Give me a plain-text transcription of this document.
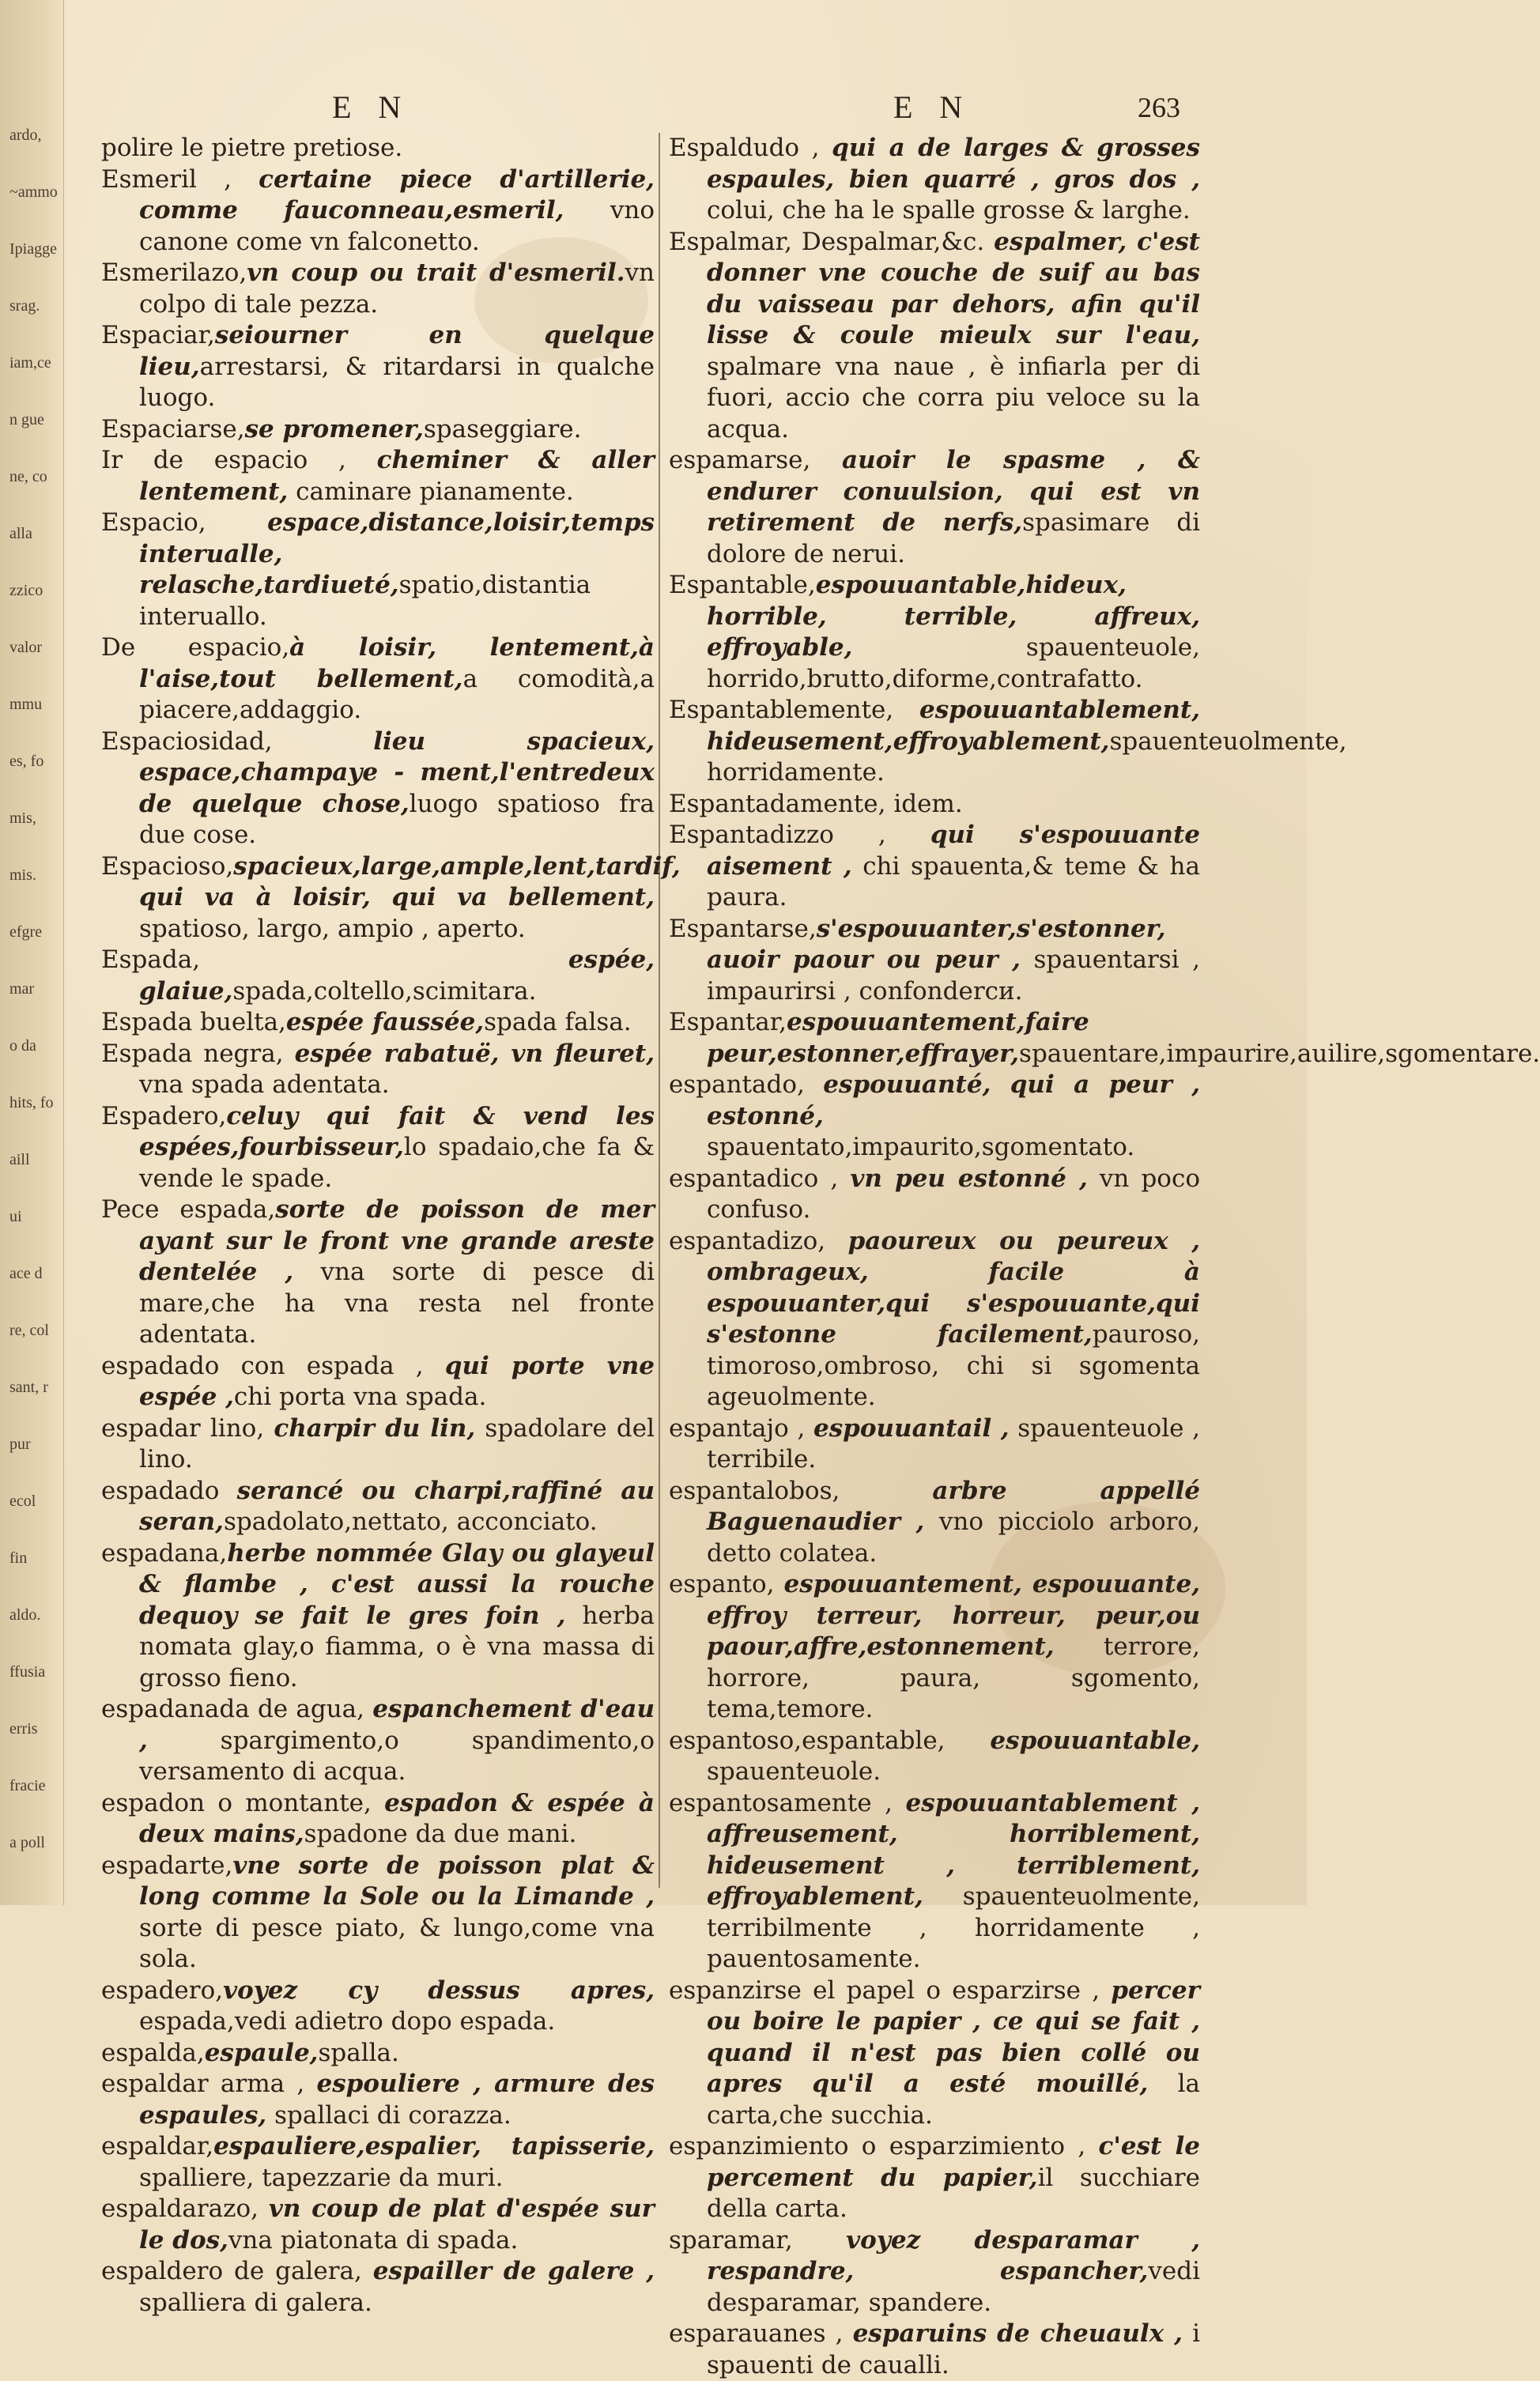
ardo,
~ammo
Ipiagge
srag.
iam,ce
n gue
ne, co
alla
zzico
valor
mmu
es, fo
mis,
mis.
efgre
mar
o da
hits, fo
aill
ui
ace d
re, col
sant, r
pur
ecol
fin
aldo.
ffusia
erris
fracie
a poll
E N	E N	263

polire le pietre pretiose.

Esmeril , certaine piece d'artillerie, comme fauconneau,esmeril, vno canone come vn falconetto.

Esmerilazo,vn coup ou trait d'esmeril.vn colpo di tale pezza.

Espaciar,seiourner en quelque lieu,arrestarsi, & ritardarsi in qualche luogo.

Espaciarse,se promener,spaseggiare.

Ir de espacio , cheminer & aller lentement, caminare pianamente.

Espacio, espace,distance,loisir,temps interualle, relasche,tardiueté,spatio,distantia interuallo.

De espacio,à loisir, lentement,à l'aise,tout bellement,a comodità,a piacere,addaggio.

Espaciosidad, lieu spacieux, espace,champaye - ment,l'entredeux de quelque chose,luogo spatioso fra due cose.

Espacioso,spacieux,large,ample,lent,tardif, qui va à loisir, qui va bellement, spatioso, largo, ampio , aperto.

Espada, espée, glaiue,spada,coltello,scimitara.

Espada buelta,espée faussée,spada falsa.

Espada negra, espée rabatuë, vn fleuret, vna spada adentata.

Espadero,celuy qui fait & vend les espées,fourbisseur,lo spadaio,che fa & vende le spade.

Pece espada,sorte de poisson de mer ayant sur le front vne grande areste dentelée , vna sorte di pesce di mare,che ha vna resta nel fronte adentata.

espadado con espada , qui porte vne espée ,chi porta vna spada.

espadar lino, charpir du lin, spadolare del lino.

espadado serancé ou charpi,raffiné au seran,spadolato,nettato, acconciato.

espadana,herbe nommée Glay ou glayeul & flambe , c'est aussi la rouche dequoy se fait le gres foin , herba nomata glay,o fiamma, o è vna massa di grosso fieno.

espadanada de agua, espanchement d'eau , spargimento,o spandimento,o versamento di acqua.

espadon o montante, espadon & espée à deux mains,spadone da due mani.

espadarte,vne sorte de poisson plat & long comme la Sole ou la Limande , sorte di pesce piato, & lungo,come vna sola.

espadero,voyez cy dessus apres, espada,vedi adietro dopo espada.

espalda,espaule,spalla.

espaldar arma , espouliere , armure des espaules, spallaci di corazza.

espaldar,espauliere,espalier, tapisserie, spalliere, tapezzarie da muri.

espaldarazo, vn coup de plat d'espée sur le dos,vna piatonata di spada.

espaldero de galera, espailler de galere , spalliera di galera.

Espaldudo , qui a de larges & grosses espaules, bien quarré , gros dos , colui, che ha le spalle grosse & larghe.

Espalmar, Despalmar,&c. espalmer, c'est donner vne couche de suif au bas du vaisseau par dehors, afin qu'il lisse & coule mieulx sur l'eau, spalmare vna naue , è infiarla per di fuori, accio che corra piu veloce su la acqua.

espamarse, auoir le spasme , & endurer conuulsion, qui est vn retirement de nerfs,spasimare di dolore de nerui.

Espantable,espouuantable,hideux, horrible, terrible, affreux, effroyable, spauenteuole, horrido,brutto,diforme,contrafatto.

Espantablemente, espouuantablement, hideusement,effroyablement,spauenteuolmente, horridamente.

Espantadamente, idem.

Espantadizzo , qui s'espouuante aisement , chi spauenta,& teme & ha paura.

Espantarse,s'espouuanter,s'estonner, auoir paour ou peur , spauentarsi , impaurirsi , confonderси.

Espantar,espouuantement,faire peur,estonner,effrayer,spauentare,impaurire,auilire,sgomentare.

espantado, espouuanté, qui a peur , estonné, spauentato,impaurito,sgomentato.

espantadico , vn peu estonné , vn poco confuso.

espantadizo, paoureux ou peureux , ombrageux, facile à espouuanter,qui s'espouuante,qui s'estonne facilement,pauroso, timoroso,ombroso, chi si sgomenta ageuolmente.

espantajo , espouuantail , spauenteuole , terribile.

espantalobos, arbre appellé Baguenaudier , vno picciolo arboro, detto colatea.

espanto, espouuantement, espouuante, effroy terreur, horreur, peur,ou paour,affre,estonnement, terrore, horrore, paura, sgomento, tema,temore.

espantoso,espantable, espouuantable, spauenteuole.

espantosamente , espouuantablement , affreusement, horriblement, hideusement , terriblement, effroyablement, spauenteuolmente, terribilmente , horridamente , pauentosamente.

espanzirse el papel o esparzirse , percer ou boire le papier , ce qui se fait , quand il n'est pas bien collé ou apres qu'il a esté mouillé, la carta,che succhia.

espanzimiento o esparzimiento , c'est le percement du papier,il succhiare della carta.

sparamar, voyez desparamar , respandre, espancher,vedi desparamar, spandere.

esparauanes , esparuins de cheuaulx , i spauenti de caualli.
